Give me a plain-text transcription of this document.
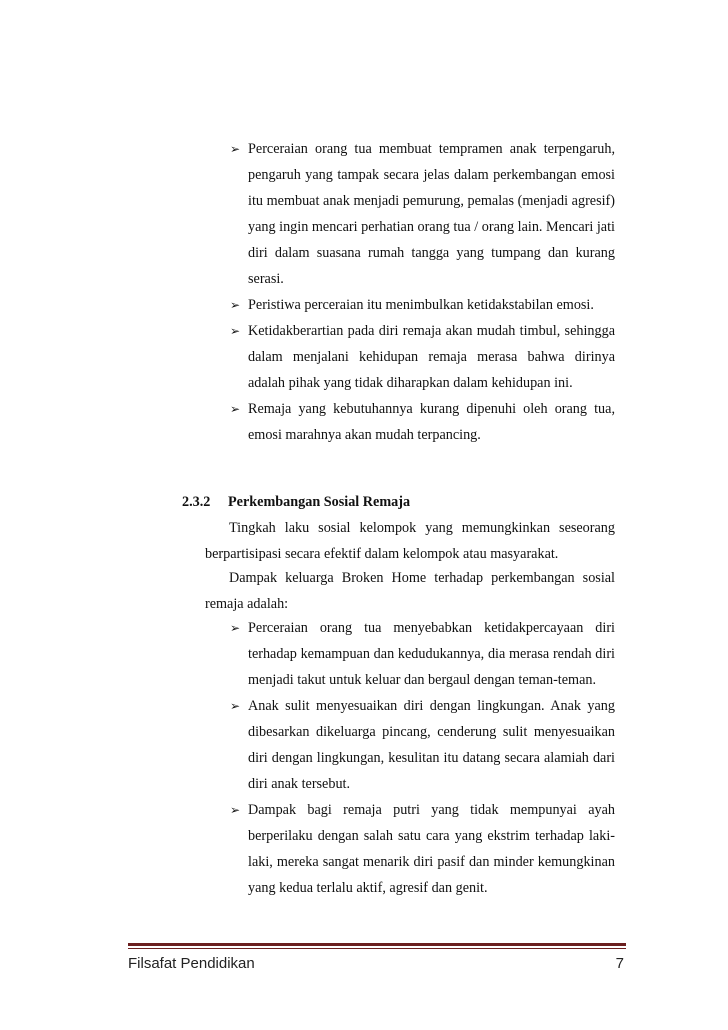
➢ Perceraian orang tua membuat tempramen anak terpengaruh, pengaruh yang tampak secara jelas dalam perkembangan emosi itu membuat anak menjadi pemurung, pemalas (menjadi agresif) yang ingin mencari perhatian orang tua / orang lain. Mencari jati diri dalam suasana rumah tangga yang tumpang dan kurang serasi.
➢ Peristiwa perceraian itu menimbulkan ketidakstabilan emosi.
➢ Ketidakberartian pada diri remaja akan mudah timbul, sehingga dalam menjalani kehidupan remaja merasa bahwa dirinya adalah pihak yang tidak diharapkan dalam kehidupan ini.
➢ Remaja yang kebutuhannya kurang dipenuhi oleh orang tua, emosi marahnya akan mudah terpancing.
2.3.2 Perkembangan Sosial Remaja

Tingkah laku sosial kelompok yang memungkinkan seseorang berpartisipasi secara efektif dalam kelompok atau masyarakat.

Dampak keluarga Broken Home terhadap perkembangan sosial remaja adalah:

➢ Perceraian orang tua menyebabkan ketidakpercayaan diri terhadap kemampuan dan kedudukannya, dia merasa rendah diri menjadi takut untuk keluar dan bergaul dengan teman-teman.
➢ Anak sulit menyesuaikan diri dengan lingkungan. Anak yang dibesarkan dikeluarga pincang, cenderung sulit menyesuaikan diri dengan lingkungan, kesulitan itu datang secara alamiah dari diri anak tersebut.
➢ Dampak bagi remaja putri yang tidak mempunyai ayah berperilaku dengan salah satu cara yang ekstrim terhadap laki-laki, mereka sangat menarik diri pasif dan minder kemungkinan yang kedua terlalu aktif, agresif dan genit.
Filsafat Pendidikan	7
